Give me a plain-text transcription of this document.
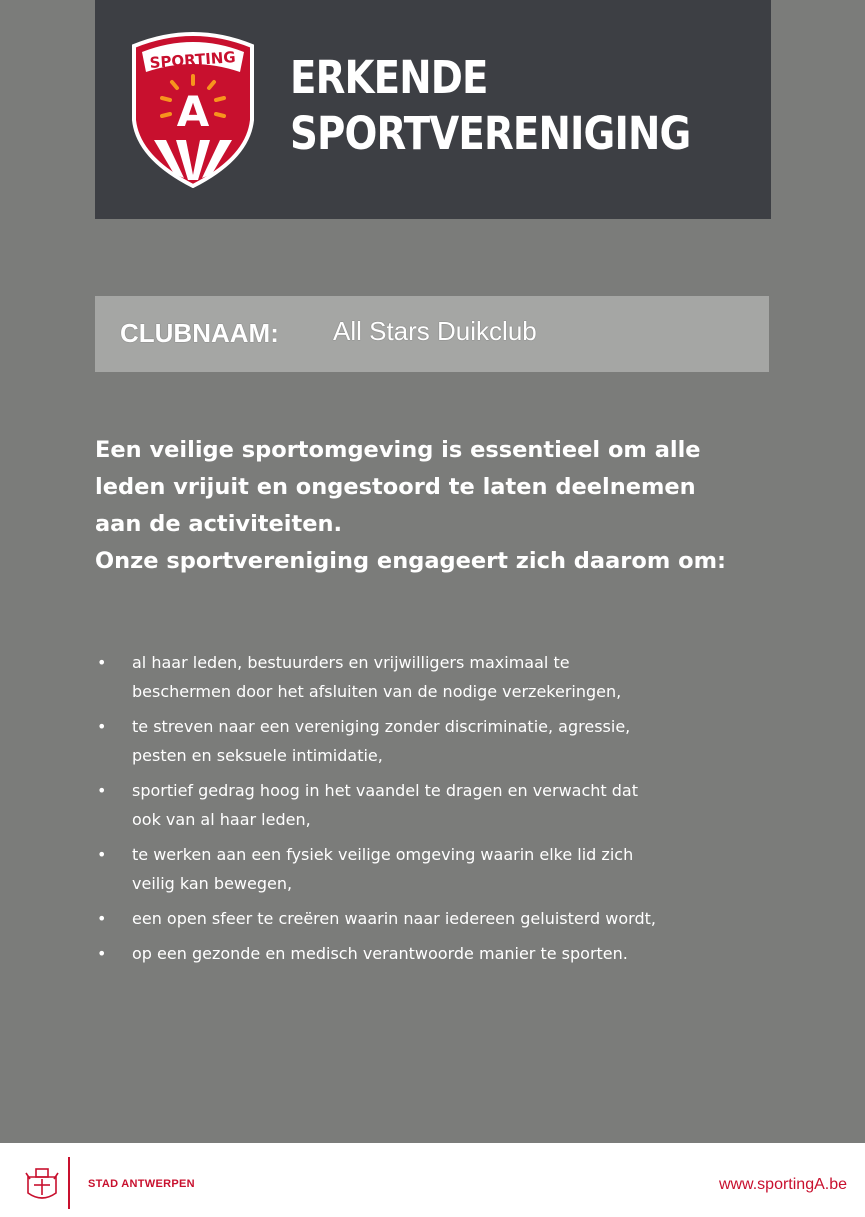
SPORTING
A
ERKENDE
SPORTVERENIGING
CLUBNAAM: All Stars Duikclub

Een veilige sportomgeving is essentieel om alle

leden vrijuit en ongestoord te laten deelnemen

aan de activiteiten.

Onze sportvereniging engageert zich daarom om:

• al haar leden, bestuurders en vrijwilligers maximaal te
beschermen door het afsluiten van de nodige verzekeringen,
• te streven naar een vereniging zonder discriminatie, agressie,
pesten en seksuele intimidatie,
• sportief gedrag hoog in het vaandel te dragen en verwacht dat
ook van al haar leden,
• te werken aan een fysiek veilige omgeving waarin elke lid zich
veilig kan bewegen,
• een open sfeer te creëren waarin naar iedereen geluisterd wordt,
• op een gezonde en medisch verantwoorde manier te sporten.
STAD ANTWERPEN	www.sportingA.be
